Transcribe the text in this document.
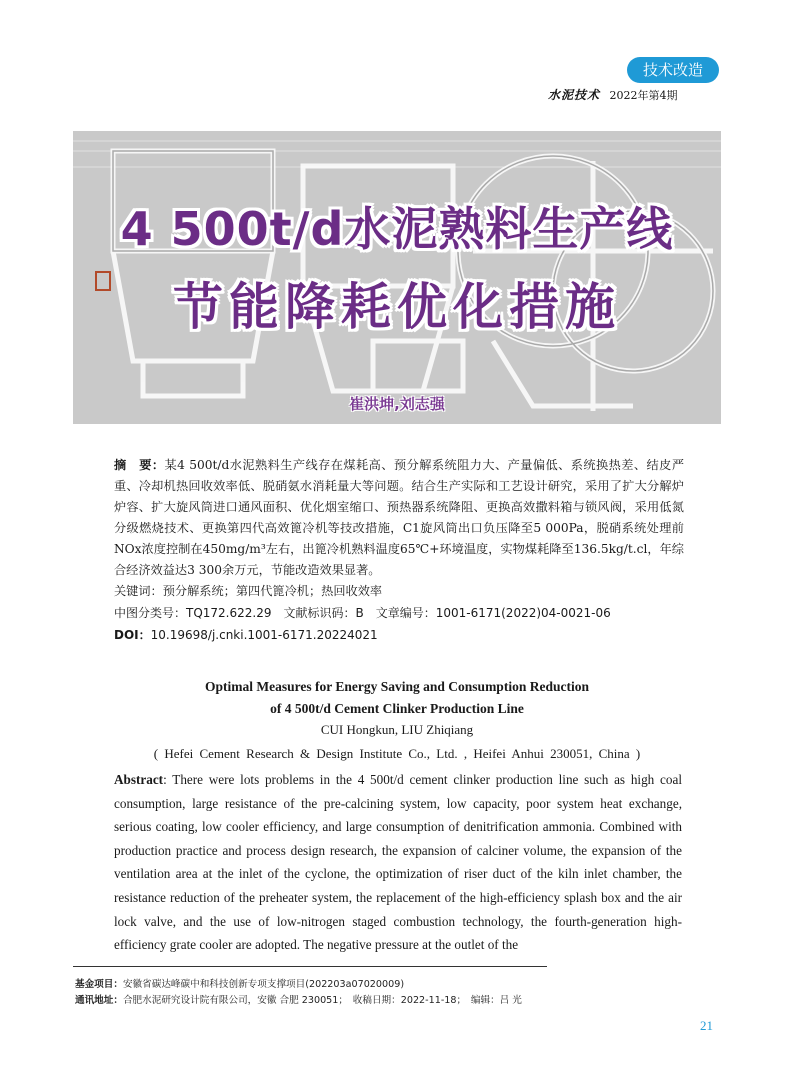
技术改造
水泥技术 2022年第4期
4 500t/d水泥熟料生产线
节能降耗优化措施
崔洪坤,刘志强

摘　要：某4 500t/d水泥熟料生产线存在煤耗高、预分解系统阻力大、产量偏低、系统换热差、结皮严重、冷却机热回收效率低、脱硝氨水消耗量大等问题。结合生产实际和工艺设计研究，采用了扩大分解炉炉容、扩大旋风筒进口通风面积、优化烟室缩口、预热器系统降阻、更换高效撒料箱与锁风阀，采用低氮分级燃烧技术、更换第四代高效篦冷机等技改措施，C1旋风筒出口负压降至5 000Pa，脱硝系统处理前NOx浓度控制在450mg/m³左右，出篦冷机熟料温度65℃+环境温度，实物煤耗降至136.5kg/t.cl，年综合经济效益达3 300余万元，节能改造效果显著。

关键词：预分解系统；第四代篦冷机；热回收效率

中图分类号：TQ172.622.29　文献标识码：B　文章编号：1001-6171(2022)04-0021-06

DOI：10.19698/j.cnki.1001-6171.20224021

Optimal Measures for Energy Saving and Consumption Reduction
of 4 500t/d Cement Clinker Production Line
CUI Hongkun, LIU Zhiqiang
( Hefei Cement Research & Design Institute Co., Ltd. , Heifei Anhui 230051, China )

Abstract: There were lots problems in the 4 500t/d cement clinker production line such as high coal consumption, large resistance of the pre-calcining system, low capacity, poor system heat exchange, serious coating, low cooler efficiency, and large consumption of denitrification ammonia. Combined with production practice and process design research, the expansion of calciner volume, the expansion of the ventilation area at the inlet of the cyclone, the optimization of riser duct of the kiln inlet chamber, the resistance reduction of the preheater system, the replacement of the high-efficiency splash box and the air lock valve, and the use of low-nitrogen staged combustion technology, the fourth-generation high-efficiency grate cooler are adopted. The negative pressure at the outlet of the

基金项目：安徽省碳达峰碳中和科技创新专项支撑项目(202203a07020009)
通讯地址：合肥水泥研究设计院有限公司，安徽 合肥 230051；　收稿日期：2022-11-18；　编辑：吕 光
21
